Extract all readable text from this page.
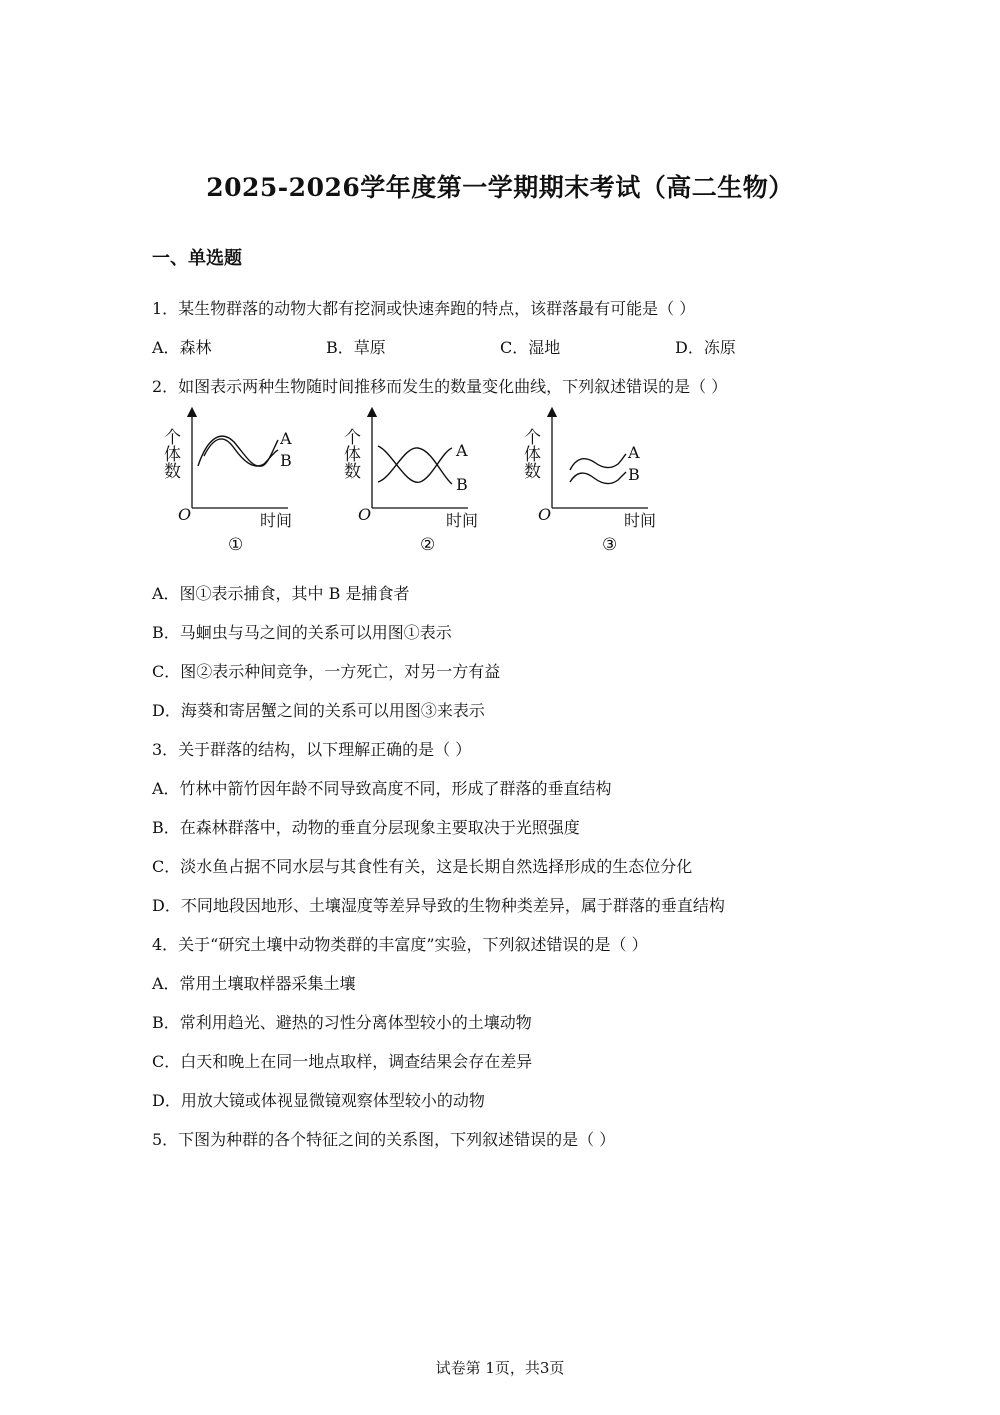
2025-2026学年度第一学期期末考试（高二生物）
一、单选题
1．某生物群落的动物大都有挖洞或快速奔跑的特点，该群落最有可能是（ ）
A．森林	B．草原	C．湿地	D．冻原
2．如图表示两种生物随时间推移而发生的数量变化曲线，下列叙述错误的是（ ）
个体数
O	时间
A
B
①
个体数
O	时间
A
B
②
个体数
O	时间
A
B
③
A．图①表示捕食，其中 B 是捕食者
B．马蛔虫与马之间的关系可以用图①表示
C．图②表示种间竞争，一方死亡，对另一方有益
D．海葵和寄居蟹之间的关系可以用图③来表示
3．关于群落的结构，以下理解正确的是（ ）
A．竹林中箭竹因年龄不同导致高度不同，形成了群落的垂直结构
B．在森林群落中，动物的垂直分层现象主要取决于光照强度
C．淡水鱼占据不同水层与其食性有关，这是长期自然选择形成的生态位分化
D．不同地段因地形、土壤湿度等差异导致的生物种类差异，属于群落的垂直结构
4．关于“研究土壤中动物类群的丰富度”实验，下列叙述错误的是（ ）
A．常用土壤取样器采集土壤
B．常利用趋光、避热的习性分离体型较小的土壤动物
C．白天和晚上在同一地点取样，调查结果会存在差异
D．用放大镜或体视显微镜观察体型较小的动物
5．下图为种群的各个特征之间的关系图，下列叙述错误的是（ ）
试卷第 1页，共3页
